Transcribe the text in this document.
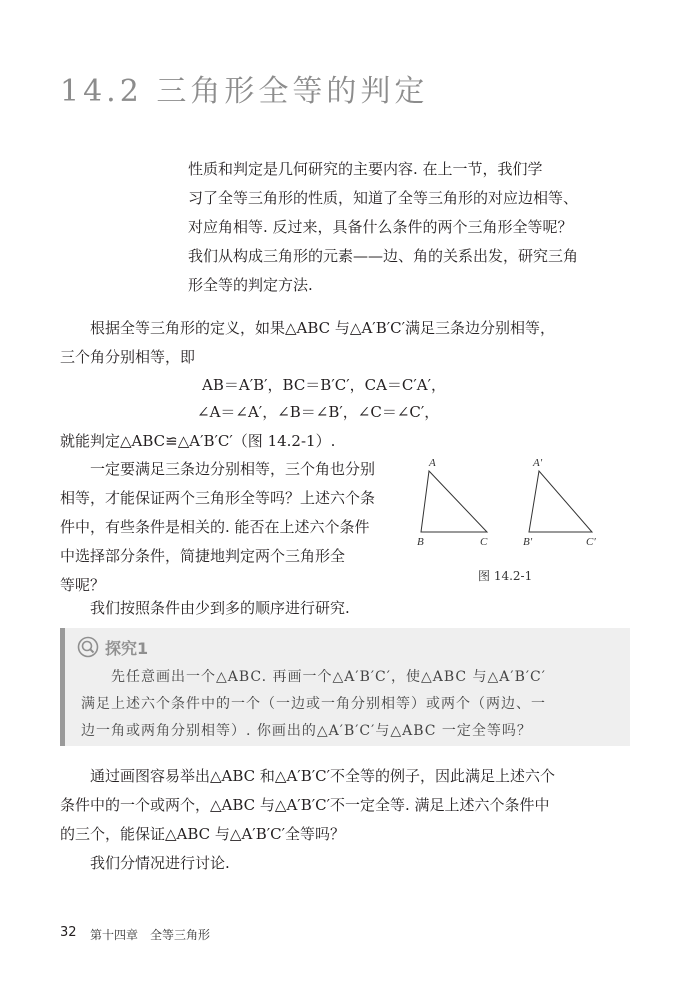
14.2 三角形全等的判定
性质和判定是几何研究的主要内容. 在上一节，我们学
习了全等三角形的性质，知道了全等三角形的对应边相等、
对应角相等. 反过来，具备什么条件的两个三角形全等呢？
我们从构成三角形的元素——边、角的关系出发，研究三角
形全等的判定方法.
　　根据全等三角形的定义，如果△ABC 与△A′B′C′满足三条边分别相等，
三个角分别相等，即
AB＝A′B′，BC＝B′C′，CA＝C′A′，
∠A＝∠A′，∠B＝∠B′，∠C＝∠C′，
就能判定△ABC≌△A′B′C′（图 14.2-1）.
　　一定要满足三条边分别相等，三个角也分别
相等，才能保证两个三角形全等吗？上述六个条
件中，有些条件是相关的. 能否在上述六个条件
中选择部分条件，简捷地判定两个三角形全
等呢？
A
B	C
A′
B′	C′
图 14.2-1
　　我们按照条件由少到多的顺序进行研究.
探究1
　　先任意画出一个△ABC. 再画一个△A′B′C′，使△ABC 与△A′B′C′
满足上述六个条件中的一个（一边或一角分别相等）或两个（两边、一
边一角或两角分别相等）. 你画出的△A′B′C′与△ABC 一定全等吗？
　　通过画图容易举出△ABC 和△A′B′C′不全等的例子，因此满足上述六个
条件中的一个或两个，△ABC 与△A′B′C′不一定全等. 满足上述六个条件中
的三个，能保证△ABC 与△A′B′C′全等吗？
　　我们分情况进行讨论.
32 第十四章　全等三角形
